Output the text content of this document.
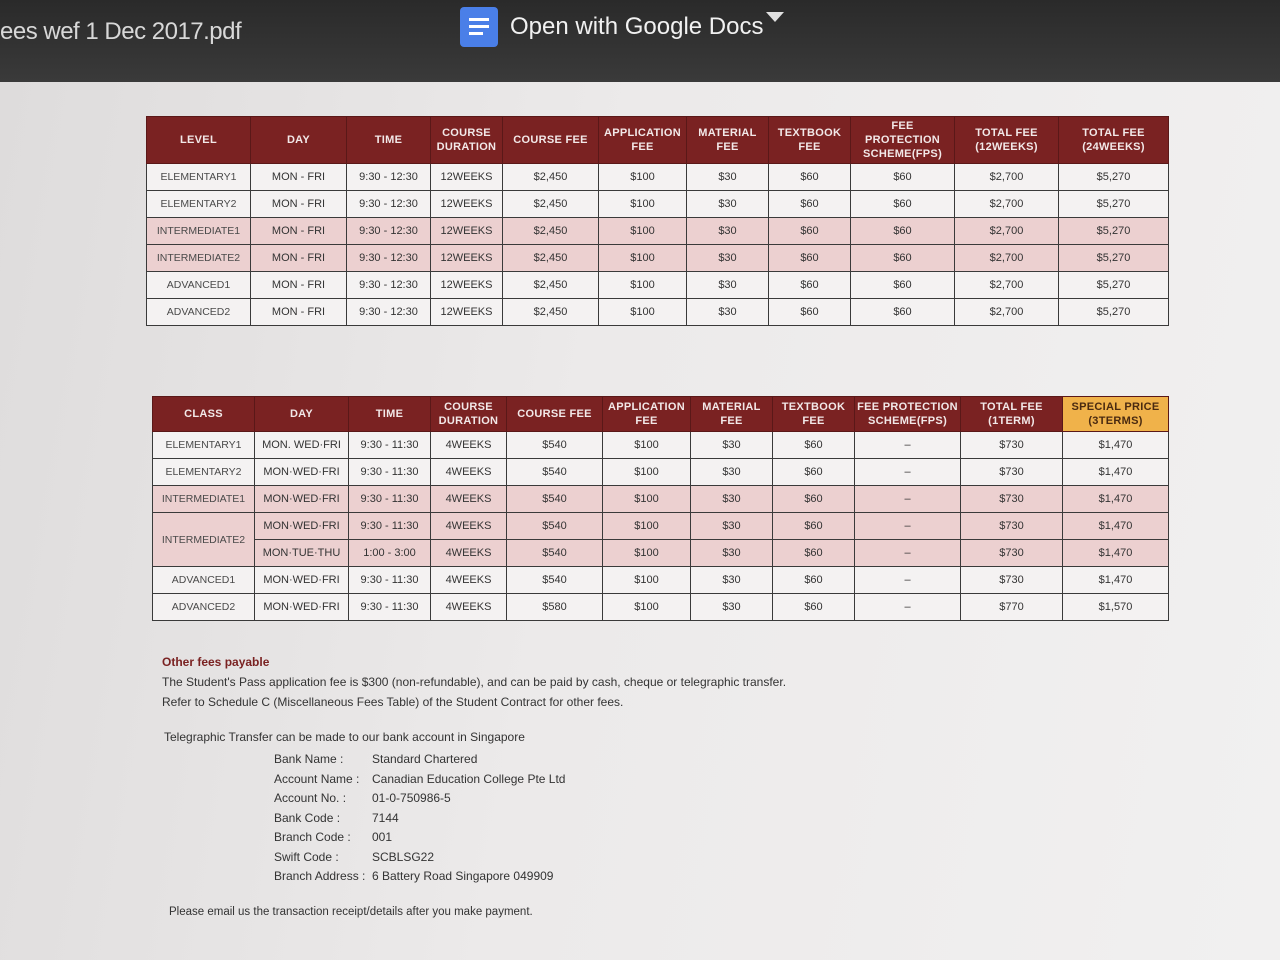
ees wef 1 Dec 2017.pdf	Open with Google Docs
LEVEL	DAY	TIME	COURSE DURATION	COURSE FEE	APPLICATION FEE	MATERIAL FEE	TEXTBOOK FEE	FEE PROTECTION SCHEME(FPS)	TOTAL FEE (12WEEKS)	TOTAL FEE (24WEEKS)
ELEMENTARY1	MON - FRI	9:30 - 12:30	12WEEKS	$2,450	$100	$30	$60	$60	$2,700	$5,270
ELEMENTARY2	MON - FRI	9:30 - 12:30	12WEEKS	$2,450	$100	$30	$60	$60	$2,700	$5,270
INTERMEDIATE1	MON - FRI	9:30 - 12:30	12WEEKS	$2,450	$100	$30	$60	$60	$2,700	$5,270
INTERMEDIATE2	MON - FRI	9:30 - 12:30	12WEEKS	$2,450	$100	$30	$60	$60	$2,700	$5,270
ADVANCED1	MON - FRI	9:30 - 12:30	12WEEKS	$2,450	$100	$30	$60	$60	$2,700	$5,270
ADVANCED2	MON - FRI	9:30 - 12:30	12WEEKS	$2,450	$100	$30	$60	$60	$2,700	$5,270
CLASS	DAY	TIME	COURSE DURATION	COURSE FEE	APPLICATION FEE	MATERIAL FEE	TEXTBOOK FEE	FEE PROTECTION SCHEME(FPS)	TOTAL FEE (1TERM)	SPECIAL PRICE (3TERMS)
ELEMENTARY1	MON. WED·FRI	9:30 - 11:30	4WEEKS	$540	$100	$30	$60	–	$730	$1,470
ELEMENTARY2	MON·WED·FRI	9:30 - 11:30	4WEEKS	$540	$100	$30	$60	–	$730	$1,470
INTERMEDIATE1	MON·WED·FRI	9:30 - 11:30	4WEEKS	$540	$100	$30	$60	–	$730	$1,470
INTERMEDIATE2	MON·WED·FRI	9:30 - 11:30	4WEEKS	$540	$100	$30	$60	–	$730	$1,470
	MON·TUE·THU	1:00 - 3:00	4WEEKS	$540	$100	$30	$60	–	$730	$1,470
ADVANCED1	MON·WED·FRI	9:30 - 11:30	4WEEKS	$540	$100	$30	$60	–	$730	$1,470
ADVANCED2	MON·WED·FRI	9:30 - 11:30	4WEEKS	$580	$100	$30	$60	–	$770	$1,570
Other fees payable
The Student's Pass application fee is $300 (non-refundable), and can be paid by cash, cheque or telegraphic transfer.
Refer to Schedule C (Miscellaneous Fees Table) of the Student Contract for other fees.
Telegraphic Transfer can be made to our bank account in Singapore
Bank Name : Standard Chartered
Account Name : Canadian Education College Pte Ltd
Account No. : 01-0-750986-5
Bank Code :	7144
Branch Code : 001
Swift Code :	SCBLSG22
Branch Address : 6 Battery Road Singapore 049909
Please email us the transaction receipt/details after you make payment.
